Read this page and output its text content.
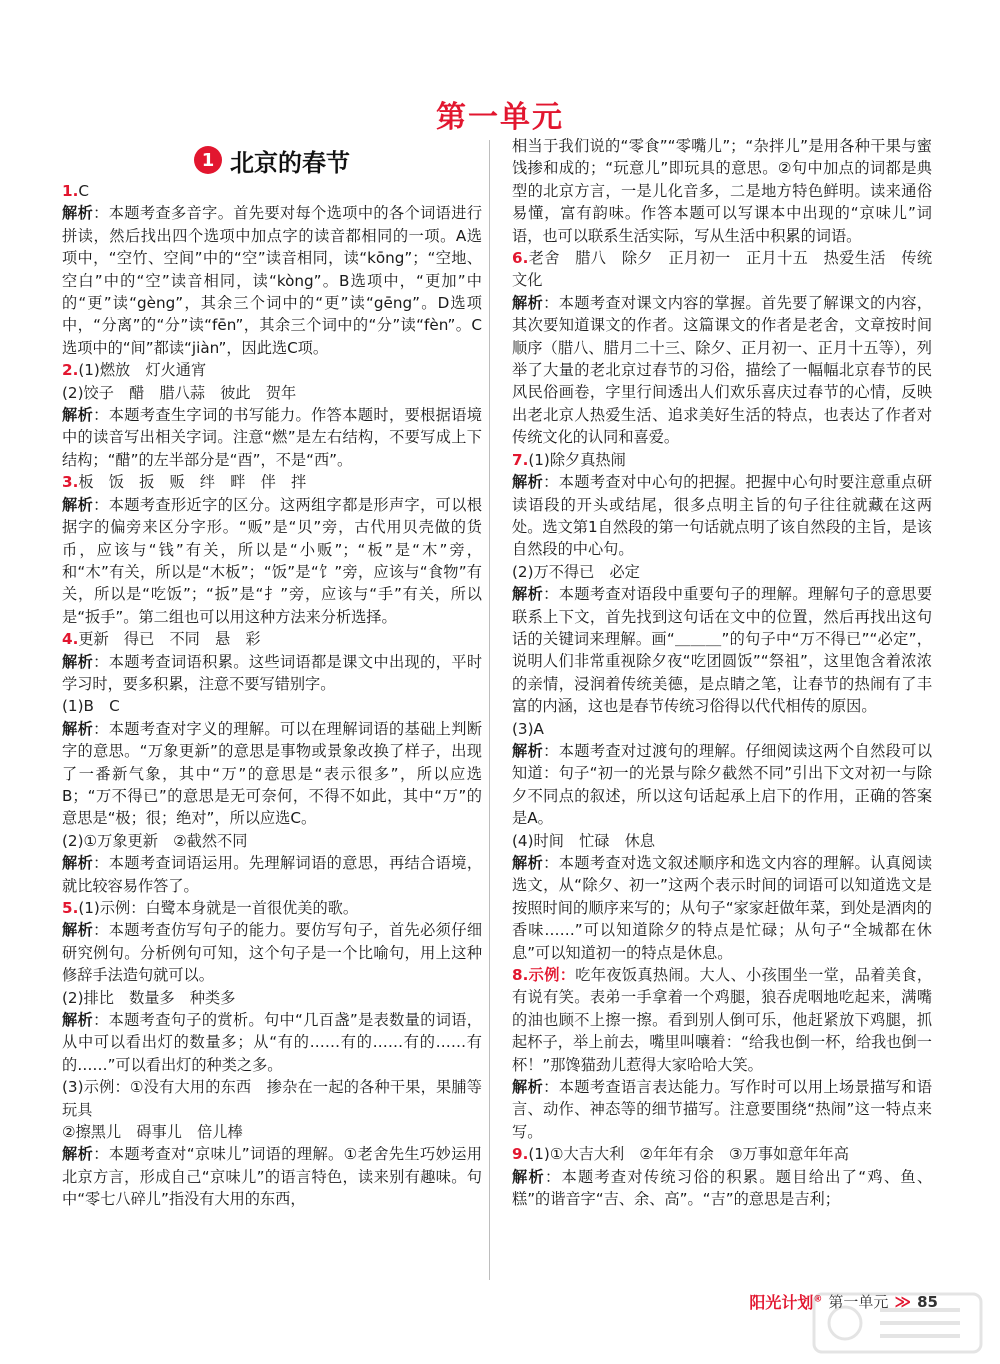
第一单元
1 北京的春节

1.C

解析：本题考查多音字。首先要对每个选项中的各个词语进行拼读，然后找出四个选项中加点字的读音都相同的一项。A选项中，“空竹、空间”中的“空”读音相同，读“kōng”；“空地、空白”中的“空”读音相同，读“kòng”。B选项中，“更加”中的“更”读“gèng”，其余三个词中的“更”读“gēng”。D选项中，“分离”的“分”读“fēn”，其余三个词中的“分”读“fèn”。C选项中的“间”都读“jiàn”，因此选C项。

2.(1)燃放　灯火通宵

(2)饺子　醋　腊八蒜　彼此　贺年

解析：本题考查生字词的书写能力。作答本题时，要根据语境中的读音写出相关字词。注意“燃”是左右结构，不要写成上下结构；“醋”的左半部分是“酉”，不是“西”。

3.板　饭　扳　贩　绊　畔　伴　拌

解析：本题考查形近字的区分。这两组字都是形声字，可以根据字的偏旁来区分字形。“贩”是“贝”旁，古代用贝壳做的货币，应该与“钱”有关，所以是“小贩”；“板”是“木”旁，和“木”有关，所以是“木板”；“饭”是“饣”旁，应该与“食物”有关，所以是“吃饭”；“扳”是“扌”旁，应该与“手”有关，所以是“扳手”。第二组也可以用这种方法来分析选择。

4.更新　得已　不同　悬　彩

解析：本题考查词语积累。这些词语都是课文中出现的，平时学习时，要多积累，注意不要写错别字。

(1)B　C

解析：本题考查对字义的理解。可以在理解词语的基础上判断字的意思。“万象更新”的意思是事物或景象改换了样子，出现了一番新气象，其中“万”的意思是“表示很多”，所以应选B；“万不得已”的意思是无可奈何，不得不如此，其中“万”的意思是“极；很；绝对”，所以应选C。

(2)①万象更新　②截然不同

解析：本题考查词语运用。先理解词语的意思，再结合语境，就比较容易作答了。

5.(1)示例：白鹭本身就是一首很优美的歌。

解析：本题考查仿写句子的能力。要仿写句子，首先必须仔细研究例句。分析例句可知，这个句子是一个比喻句，用上这种修辞手法造句就可以。

(2)排比　数量多　种类多

解析：本题考查句子的赏析。句中“几百盏”是表数量的词语，从中可以看出灯的数量多；从“有的……有的……有的……有的……”可以看出灯的种类之多。

(3)示例：①没有大用的东西　掺杂在一起的各种干果，果脯等　玩具

②擦黑儿　碍事儿　倍儿棒

解析：本题考查对“京味儿”词语的理解。①老舍先生巧妙运用北京方言，形成自己“京味儿”的语言特色，读来别有趣味。句中“零七八碎儿”指没有大用的东西，

相当于我们说的“零食”“零嘴儿”；“杂拌儿”是用各种干果与蜜饯掺和成的；“玩意儿”即玩具的意思。②句中加点的词都是典型的北京方言，一是儿化音多，二是地方特色鲜明。读来通俗易懂，富有韵味。作答本题可以写课本中出现的“京味儿”词语，也可以联系生活实际，写从生活中积累的词语。

6.老舍　腊八　除夕　正月初一　正月十五　热爱生活　传统文化

解析：本题考查对课文内容的掌握。首先要了解课文的内容，其次要知道课文的作者。这篇课文的作者是老舍，文章按时间顺序（腊八、腊月二十三、除夕、正月初一、正月十五等），列举了大量的老北京过春节的习俗，描绘了一幅幅北京春节的民风民俗画卷，字里行间透出人们欢乐喜庆过春节的心情，反映出老北京人热爱生活、追求美好生活的特点，也表达了作者对传统文化的认同和喜爱。

7.(1)除夕真热闹

解析：本题考查对中心句的把握。把握中心句时要注意重点研读语段的开头或结尾，很多点明主旨的句子往往就藏在这两处。选文第1自然段的第一句话就点明了该自然段的主旨，是该自然段的中心句。

(2)万不得已　必定

解析：本题考查对语段中重要句子的理解。理解句子的意思要联系上下文，首先找到这句话在文中的位置，然后再找出这句话的关键词来理解。画“＿＿＿”的句子中“万不得已”“必定”，说明人们非常重视除夕夜“吃团圆饭”“祭祖”，这里饱含着浓浓的亲情，浸润着传统美德，是点睛之笔，让春节的热闹有了丰富的内涵，这也是春节传统习俗得以代代相传的原因。

(3)A

解析：本题考查对过渡句的理解。仔细阅读这两个自然段可以知道：句子“初一的光景与除夕截然不同”引出下文对初一与除夕不同点的叙述，所以这句话起承上启下的作用，正确的答案是A。

(4)时间　忙碌　休息

解析：本题考查对选文叙述顺序和选文内容的理解。认真阅读选文，从“除夕、初一”这两个表示时间的词语可以知道选文是按照时间的顺序来写的；从句子“家家赶做年菜，到处是酒肉的香味……”可以知道除夕的特点是忙碌；从句子“全城都在休息”可以知道初一的特点是休息。

8.示例：吃年夜饭真热闹。大人、小孩围坐一堂，品着美食，有说有笑。表弟一手拿着一个鸡腿，狼吞虎咽地吃起来，满嘴的油也顾不上擦一擦。看到别人倒可乐，他赶紧放下鸡腿，抓起杯子，举上前去，嘴里叫嚷着：“给我也倒一杯，给我也倒一杯！”那馋猫劲儿惹得大家哈哈大笑。

解析：本题考查语言表达能力。写作时可以用上场景描写和语言、动作、神态等的细节描写。注意要围绕“热闹”这一特点来写。

9.(1)①大吉大利　②年年有余　③万事如意年年高

解析：本题考查对传统习俗的积累。题目给出了“鸡、鱼、糕”的谐音字“吉、余、高”。“吉”的意思是吉利；

阳光计划® 第一单元 ≫ 85
